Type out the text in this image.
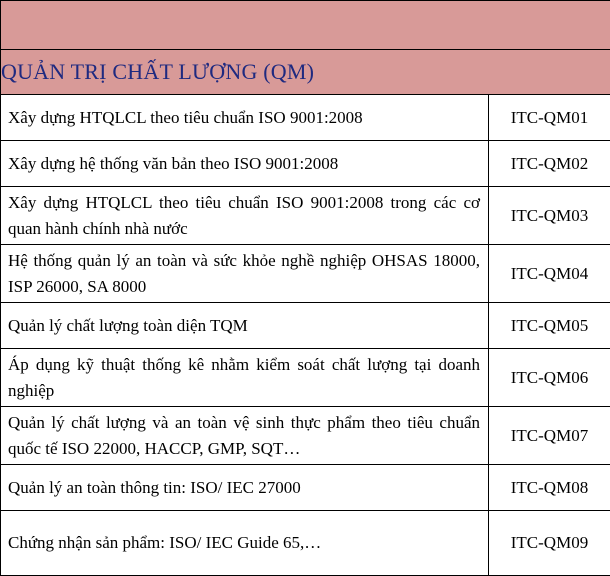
QUẢN TRỊ CHẤT LƯỢNG (QM)	
Xây dựng HTQLCL theo tiêu chuẩn ISO 9001:2008	ITC-QM01
Xây dựng hệ thống văn bản theo ISO 9001:2008	ITC-QM02
Xây dựng HTQLCL theo tiêu chuẩn ISO 9001:2008 trong các cơ quan hành chính nhà nước	ITC-QM03
Hệ thống quản lý an toàn và sức khỏe nghề nghiệp OHSAS 18000, ISP 26000, SA 8000	ITC-QM04
Quản lý chất lượng toàn diện TQM	ITC-QM05
Áp dụng kỹ thuật thống kê nhằm kiểm soát chất lượng tại doanh nghiệp	ITC-QM06
Quản lý chất lượng và an toàn vệ sinh thực phẩm theo tiêu chuẩn quốc tế ISO 22000, HACCP, GMP, SQT…	ITC-QM07
Quản lý an toàn thông tin: ISO/ IEC 27000	ITC-QM08
Chứng nhận sản phẩm: ISO/ IEC Guide 65,…	ITC-QM09
